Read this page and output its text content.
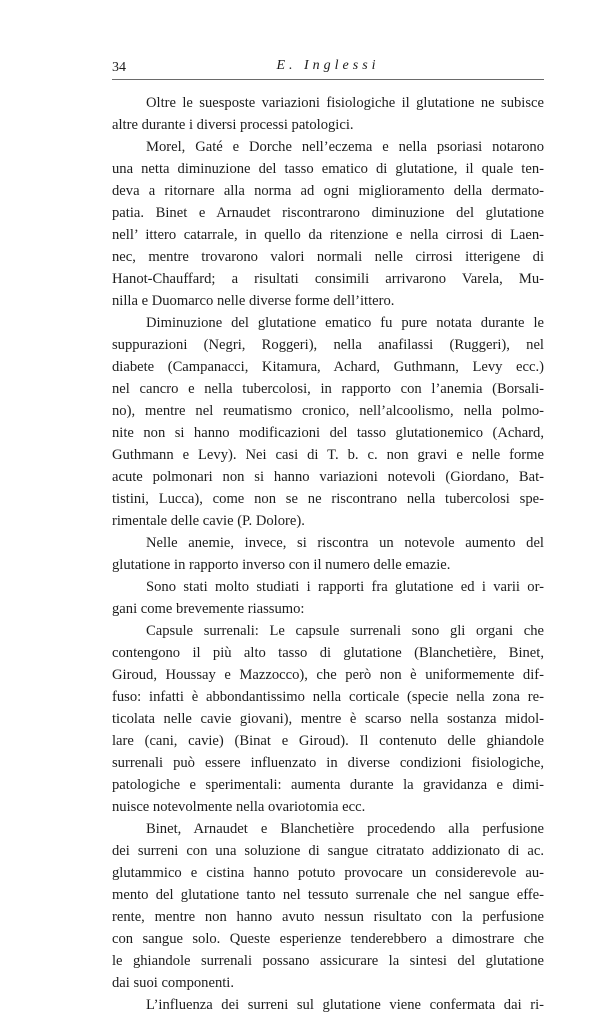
34	E. Inglessi
Oltre le suesposte variazioni fisiologiche il glutatione ne subisce
altre durante i diversi processi patologici.
Morel, Gaté e Dorche nell’eczema e nella psoriasi notarono
una netta diminuzione del tasso ematico di glutatione, il quale ten-
deva a ritornare alla norma ad ogni miglioramento della dermato-
patia. Binet e Arnaudet riscontrarono diminuzione del glutatione
nell’ ittero catarrale, in quello da ritenzione e nella cirrosi di Laen-
nec, mentre trovarono valori normali nelle cirrosi itterigene di
Hanot-Chauffard; a risultati consimili arrivarono Varela, Mu-
nilla e Duomarco nelle diverse forme dell’ittero.
Diminuzione del glutatione ematico fu pure notata durante le
suppurazioni (Negri, Roggeri), nella anafilassi (Ruggeri), nel
diabete (Campanacci, Kitamura, Achard, Guthmann, Levy ecc.)
nel cancro e nella tubercolosi, in rapporto con l’anemia (Borsali-
no), mentre nel reumatismo cronico, nell’alcoolismo, nella polmo-
nite non si hanno modificazioni del tasso glutationemico (Achard,
Guthmann e Levy). Nei casi di T. b. c. non gravi e nelle forme
acute polmonari non si hanno variazioni notevoli (Giordano, Bat-
tistini, Lucca), come non se ne riscontrano nella tubercolosi spe-
rimentale delle cavie (P. Dolore).
Nelle anemie, invece, si riscontra un notevole aumento del
glutatione in rapporto inverso con il numero delle emazie.
Sono stati molto studiati i rapporti fra glutatione ed i varii or-
gani come brevemente riassumo:
Capsule surrenali: Le capsule surrenali sono gli organi che
contengono il più alto tasso di glutatione (Blanchetière, Binet,
Giroud, Houssay e Mazzocco), che però non è uniformemente dif-
fuso: infatti è abbondantissimo nella corticale (specie nella zona re-
ticolata nelle cavie giovani), mentre è scarso nella sostanza midol-
lare (cani, cavie) (Binat e Giroud). Il contenuto delle ghiandole
surrenali può essere influenzato in diverse condizioni fisiologiche,
patologiche e sperimentali: aumenta durante la gravidanza e dimi-
nuisce notevolmente nella ovariotomia ecc.
Binet, Arnaudet e Blanchetière procedendo alla perfusione
dei surreni con una soluzione di sangue citratato addizionato di ac.
glutammico e cistina hanno potuto provocare un considerevole au-
mento del glutatione tanto nel tessuto surrenale che nel sangue effe-
rente, mentre non hanno avuto nessun risultato con la perfusione
con sangue solo. Queste esperienze tenderebbero a dimostrare che
le ghiandole surrenali possano assicurare la sintesi del glutatione
dai suoi componenti.
L’influenza dei surreni sul glutatione viene confermata dai ri-
